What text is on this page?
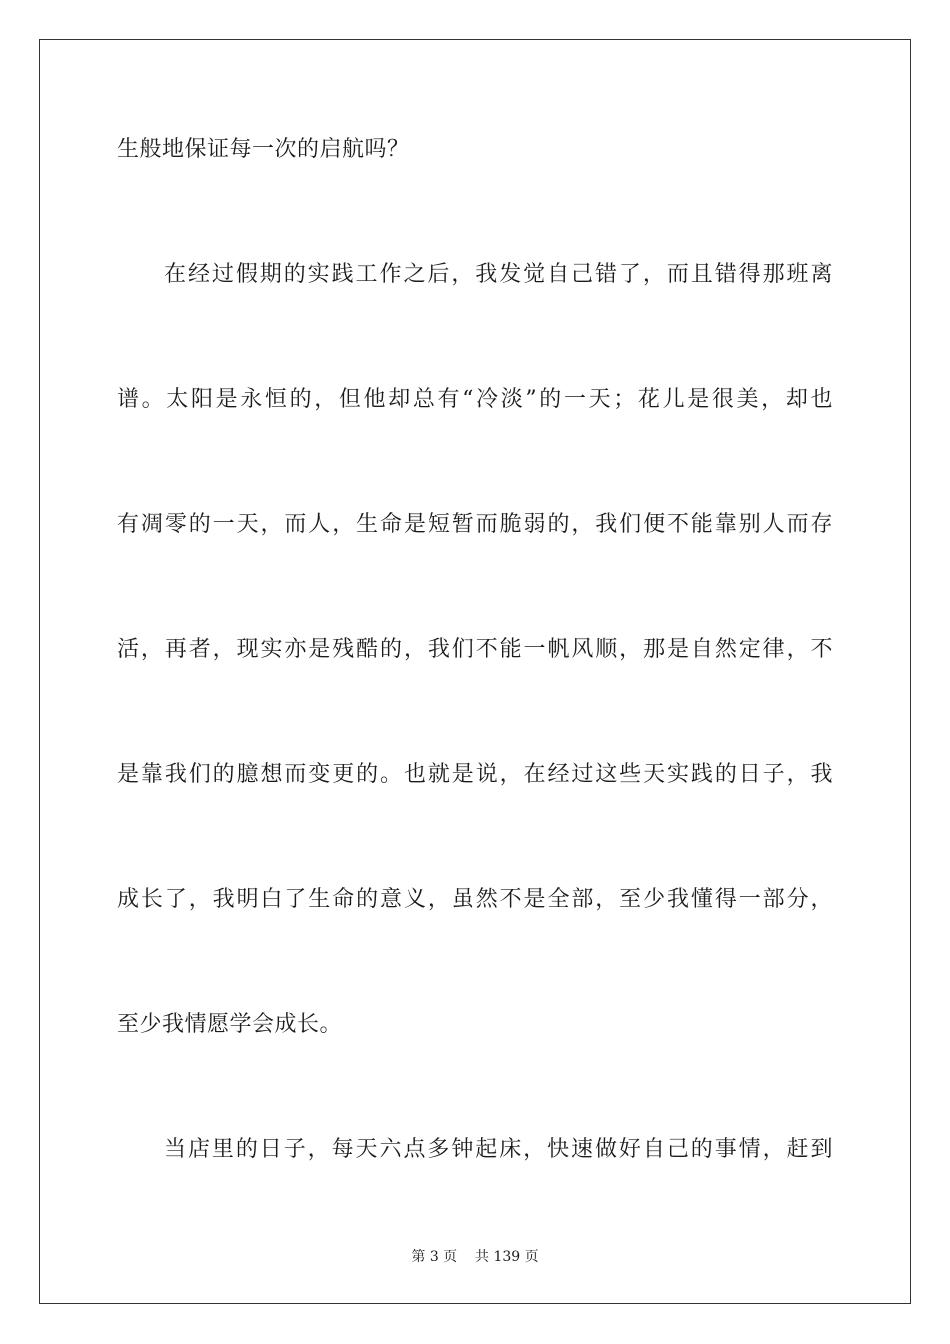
生般地保证每一次的启航吗？
在经过假期的实践工作之后，我发觉自己错了，而且错得那班离
谱。太阳是永恒的，但他却总有“冷淡”的一天；花儿是很美，却也
有凋零的一天，而人，生命是短暂而脆弱的，我们便不能靠别人而存
活，再者，现实亦是残酷的，我们不能一帆风顺，那是自然定律，不
是靠我们的臆想而变更的。也就是说，在经过这些天实践的日子，我
成长了，我明白了生命的意义，虽然不是全部，至少我懂得一部分，
至少我情愿学会成长。
当店里的日子，每天六点多钟起床，快速做好自己的事情，赶到
第 3 页 共 139 页
